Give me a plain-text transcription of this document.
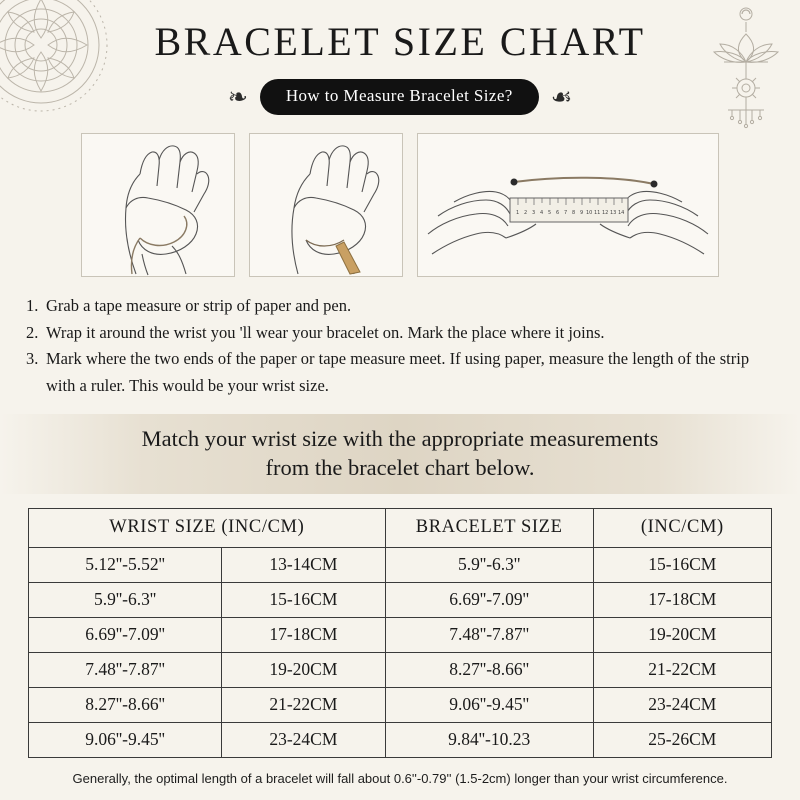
BRACELET SIZE CHART
❧	How to Measure Bracelet Size?	☙
1 2 3 4 5 6 7 8 9 10 11 12 13 14
1. Grab a tape measure or strip of paper and pen.
2. Wrap it around the wrist you 'll wear your bracelet on. Mark the place where it joins.
3. Mark where the two ends of the paper or tape measure meet. If using paper, measure the length of the strip with a ruler. This would be your wrist size.
Match your wrist size with the appropriate measurements
from the bracelet chart below.
WRIST SIZE (INC/CM)		BRACELET SIZE	(INC/CM)
5.12''-5.52''	13-14CM	5.9''-6.3''	15-16CM
5.9''-6.3''	15-16CM	6.69''-7.09''	17-18CM
6.69''-7.09''	17-18CM	7.48''-7.87''	19-20CM
7.48''-7.87''	19-20CM	8.27''-8.66''	21-22CM
8.27''-8.66''	21-22CM	9.06''-9.45''	23-24CM
9.06''-9.45''	23-24CM	9.84''-10.23	25-26CM
Generally, the optimal length of a bracelet will fall about 0.6''-0.79'' (1.5-2cm) longer than your wrist circumference.
